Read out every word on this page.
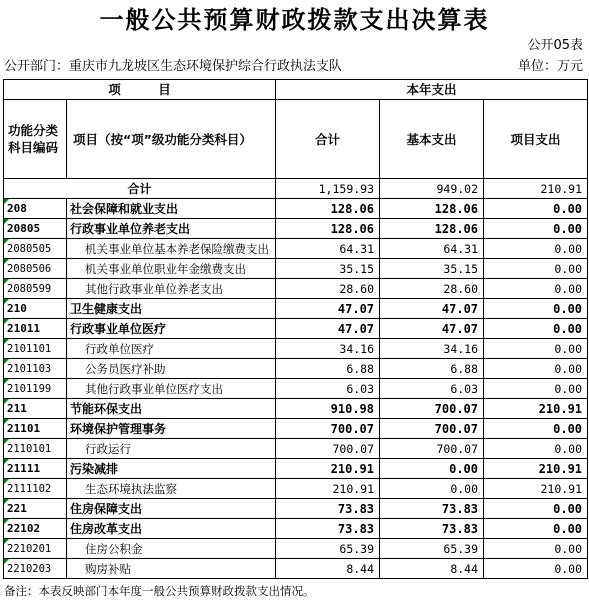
一般公共预算财政拨款支出决算表
公开05表
公开部门：重庆市九龙坡区生态环境保护综合行政执法支队	单位：万元
项　　　目		本年支出		
功能分类科目编码	项目（按“项”级功能分类科目）	合计	基本支出	项目支出
合计		1,159.93	949.02	210.91
208	社会保障和就业支出	128.06	128.06	0.00
20805	行政事业单位养老支出	128.06	128.06	0.00
2080505	机关事业单位基本养老保险缴费支出	64.31	64.31	0.00
2080506	机关事业单位职业年金缴费支出	35.15	35.15	0.00
2080599	其他行政事业单位养老支出	28.60	28.60	0.00
210	卫生健康支出	47.07	47.07	0.00
21011	行政事业单位医疗	47.07	47.07	0.00
2101101	行政单位医疗	34.16	34.16	0.00
2101103	公务员医疗补助	6.88	6.88	0.00
2101199	其他行政事业单位医疗支出	6.03	6.03	0.00
211	节能环保支出	910.98	700.07	210.91
21101	环境保护管理事务	700.07	700.07	0.00
2110101	行政运行	700.07	700.07	0.00
21111	污染减排	210.91	0.00	210.91
2111102	生态环境执法监察	210.91	0.00	210.91
221	住房保障支出	73.83	73.83	0.00
22102	住房改革支出	73.83	73.83	0.00
2210201	住房公积金	65.39	65.39	0.00
2210203	购房补贴	8.44	8.44	0.00
备注：本表反映部门本年度一般公共预算财政拨款支出情况。
